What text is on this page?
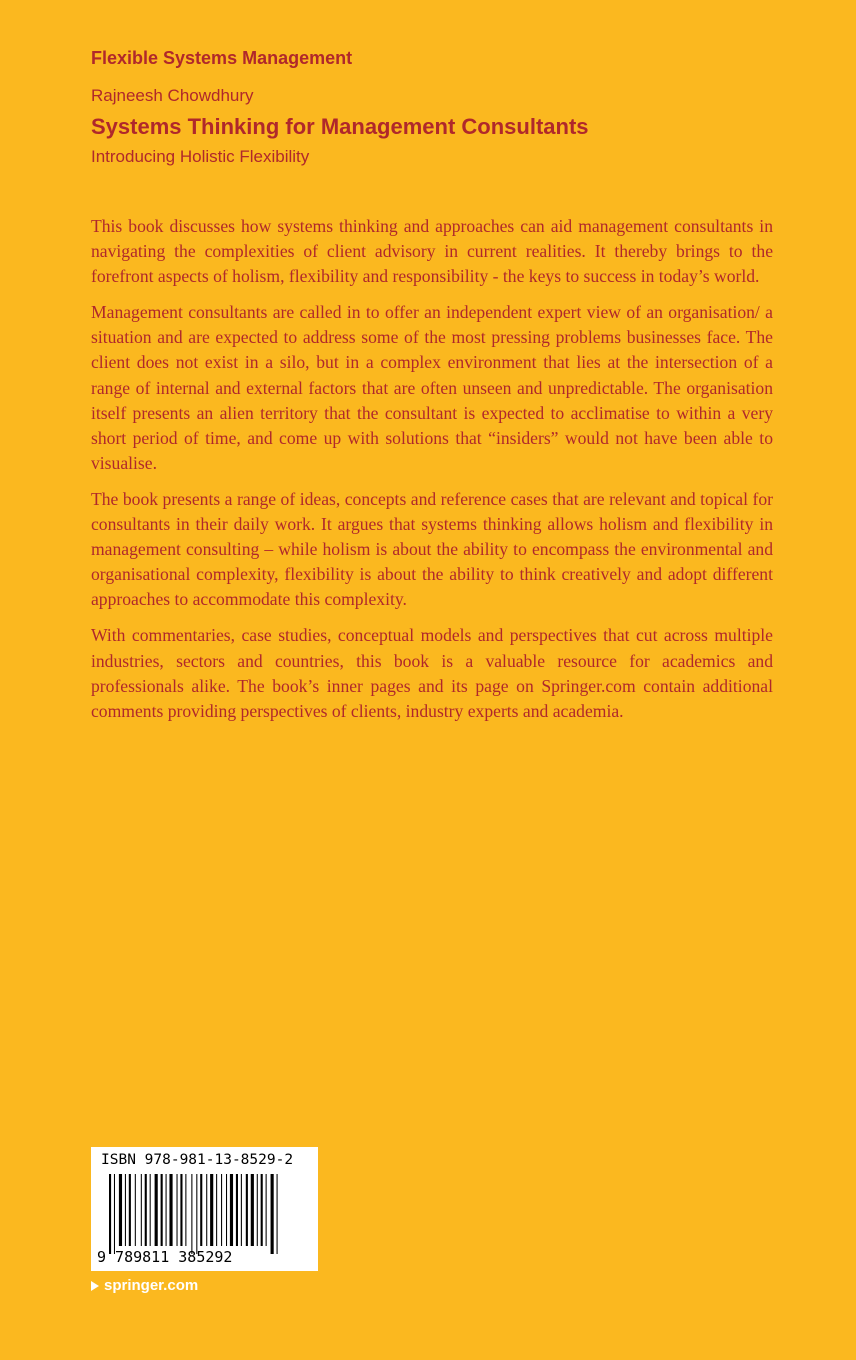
Flexible Systems Management
Rajneesh Chowdhury
Systems Thinking for Management Consultants
Introducing Holistic Flexibility

This book discusses how systems thinking and approaches can aid management consultants in navigating the complexities of client advisory in current realities. It thereby brings to the forefront aspects of holism, flexibility and responsibility - the keys to success in today’s world.

Management consultants are called in to offer an independent expert view of an organisation/ a situation and are expected to address some of the most pressing problems businesses face. The client does not exist in a silo, but in a complex environment that lies at the intersection of a range of internal and external factors that are often unseen and unpredictable. The organisation itself presents an alien territory that the consultant is expected to acclimatise to within a very short period of time, and come up with solutions that “insiders” would not have been able to visualise.

The book presents a range of ideas, concepts and reference cases that are relevant and topical for consultants in their daily work. It argues that systems thinking allows holism and flexibility in management consulting – while holism is about the ability to encompass the environmental and organisational complexity, flexibility is about the ability to think creatively and adopt different approaches to accommodate this complexity.

With commentaries, case studies, conceptual models and perspectives that cut across multiple industries, sectors and countries, this book is a valuable resource for academics and professionals alike. The book’s inner pages and its page on Springer.com contain additional comments providing perspectives of clients, industry experts and academia.

ISBN 978-981-13-8529-2
9 789811 385292
springer.com
